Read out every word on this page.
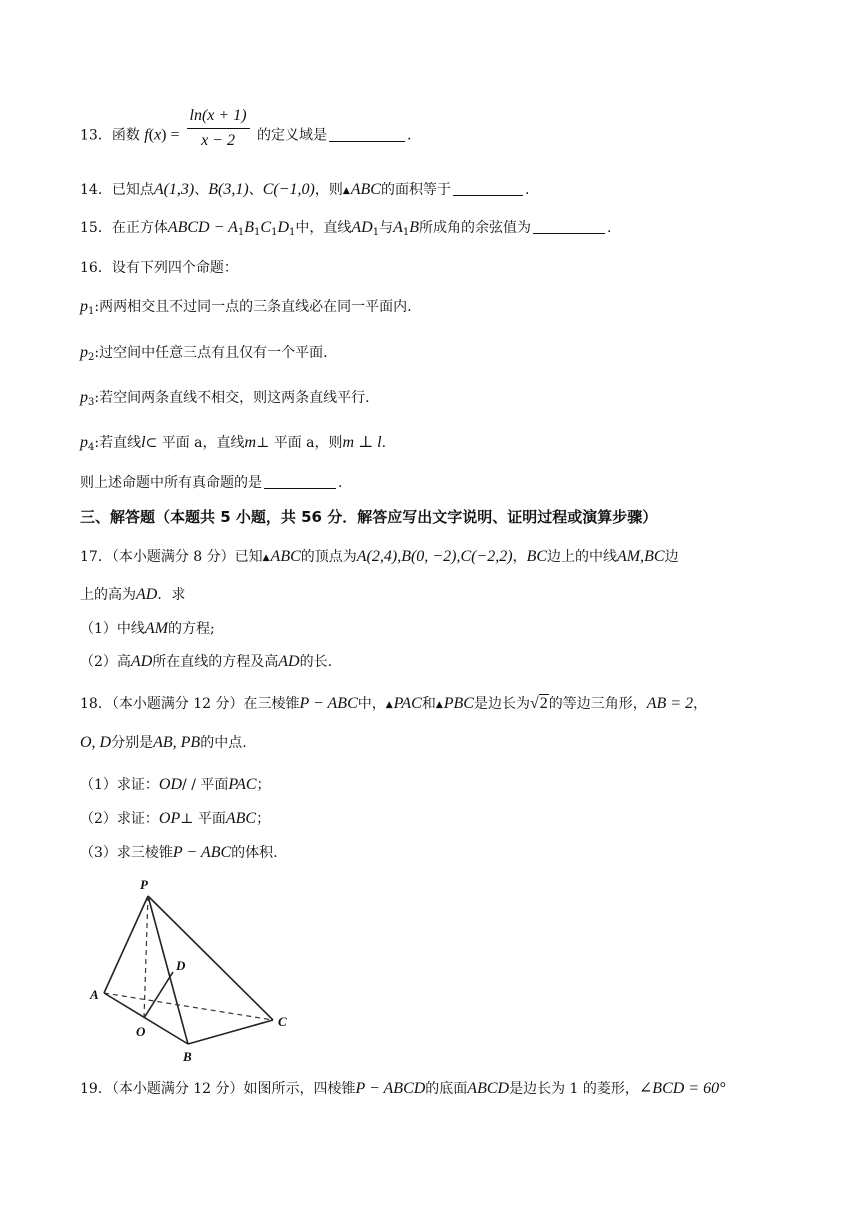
13．函数 $f(x) = \frac{\ln(x + 1)}{x - 2}$ 的定义域是	.
14．已知点A(1,3)、B(3,1)、C(−1,0)，则▲ABC的面积等于	.
15．在正方体ABCD − $A_1B_1C_1D_1$中，直线$AD_1$与$A_1B$所成角的余弦值为	.
16．设有下列四个命题：
$p_1$:两两相交且不过同一点的三条直线必在同一平面内.
$p_2$:过空间中任意三点有且仅有一个平面.
$p_3$:若空间两条直线不相交，则这两条直线平行.
$p_4$:若直线l⊂ 平面 a，直线m⊥ 平面 a，则m ⊥ l.
则上述命题中所有真命题的是	.
三、解答题（本题共 5 小题，共 56 分．解答应写出文字说明、证明过程或演算步骤）
17．（本小题满分 8 分）已知▲ABC的顶点为A(2,4),B(0, −2),C(−2,2)，BC边上的中线AM,BC边
上的高为AD．求
（1）中线AM的方程;
（2）高AD所在直线的方程及高AD的长.
18．（本小题满分 12 分）在三棱锥P − ABC中，▲PAC和▲PBC是边长为√2的等边三角形，AB = 2，
O, D分别是AB, PB的中点.
（1）求证：OD/ / 平面PAC；
（2）求证：OP⊥ 平面ABC；
（3）求三棱锥P − ABC的体积.
P
A
B
C
D
O
19．（本小题满分 12 分）如图所示，四棱锥P − ABCD的底面ABCD是边长为 1 的菱形，∠BCD = 60°
